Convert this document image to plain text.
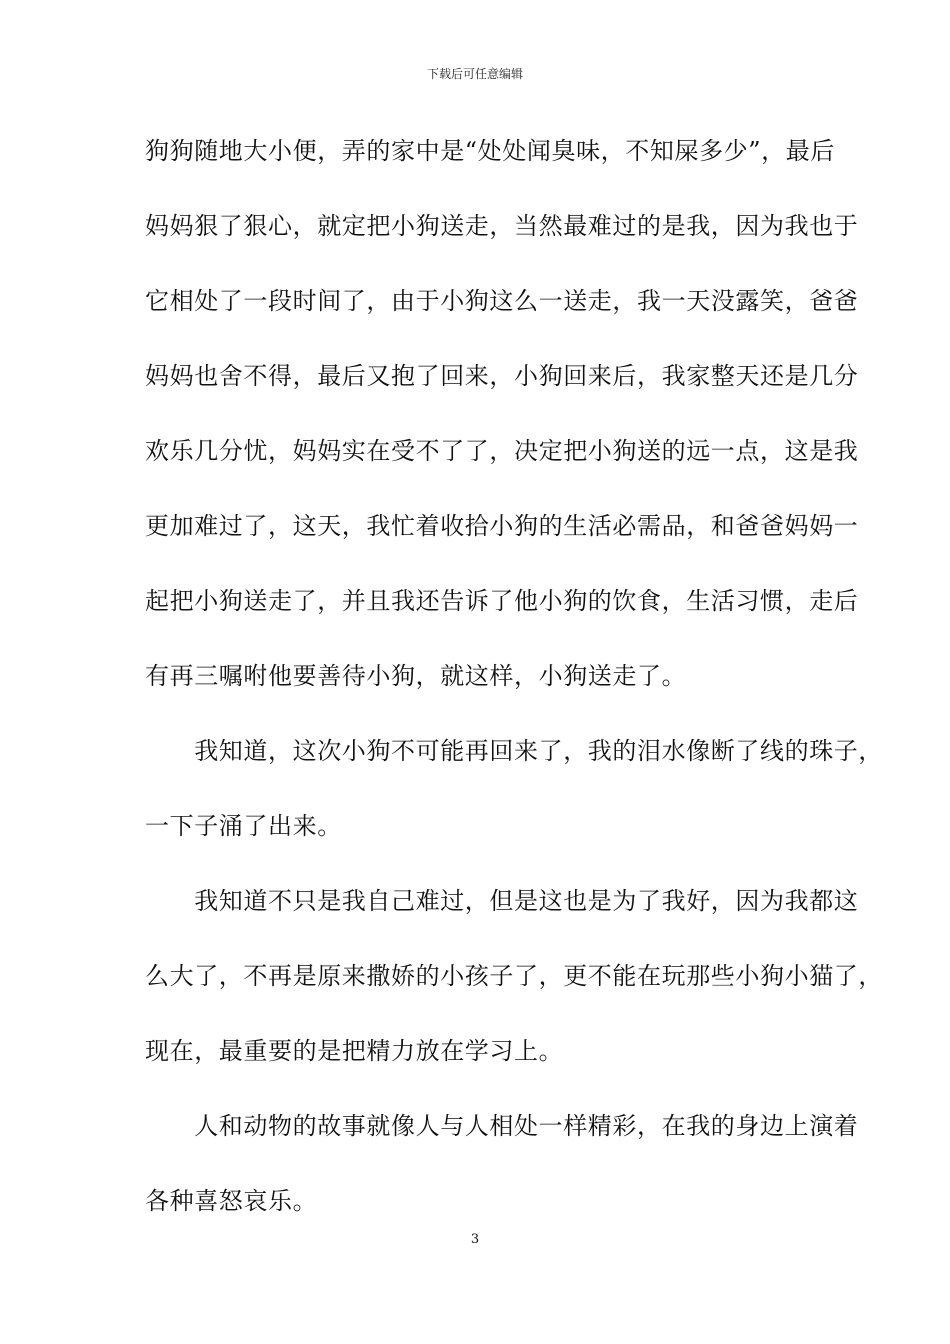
下载后可任意编辑
狗狗随地大小便，弄的家中是“处处闻臭味，不知屎多少”，最后
妈妈狠了狠心，就定把小狗送走，当然最难过的是我，因为我也于
它相处了一段时间了，由于小狗这么一送走，我一天没露笑，爸爸
妈妈也舍不得，最后又抱了回来，小狗回来后，我家整天还是几分
欢乐几分忧，妈妈实在受不了了，决定把小狗送的远一点，这是我
更加难过了，这天，我忙着收拾小狗的生活必需品，和爸爸妈妈一
起把小狗送走了，并且我还告诉了他小狗的饮食，生活习惯，走后
有再三嘱咐他要善待小狗，就这样，小狗送走了。
　　我知道，这次小狗不可能再回来了，我的泪水像断了线的珠子，
一下子涌了出来。
　　我知道不只是我自己难过，但是这也是为了我好，因为我都这
么大了，不再是原来撒娇的小孩子了，更不能在玩那些小狗小猫了，
现在，最重要的是把精力放在学习上。
　　人和动物的故事就像人与人相处一样精彩，在我的身边上演着
各种喜怒哀乐。
3
